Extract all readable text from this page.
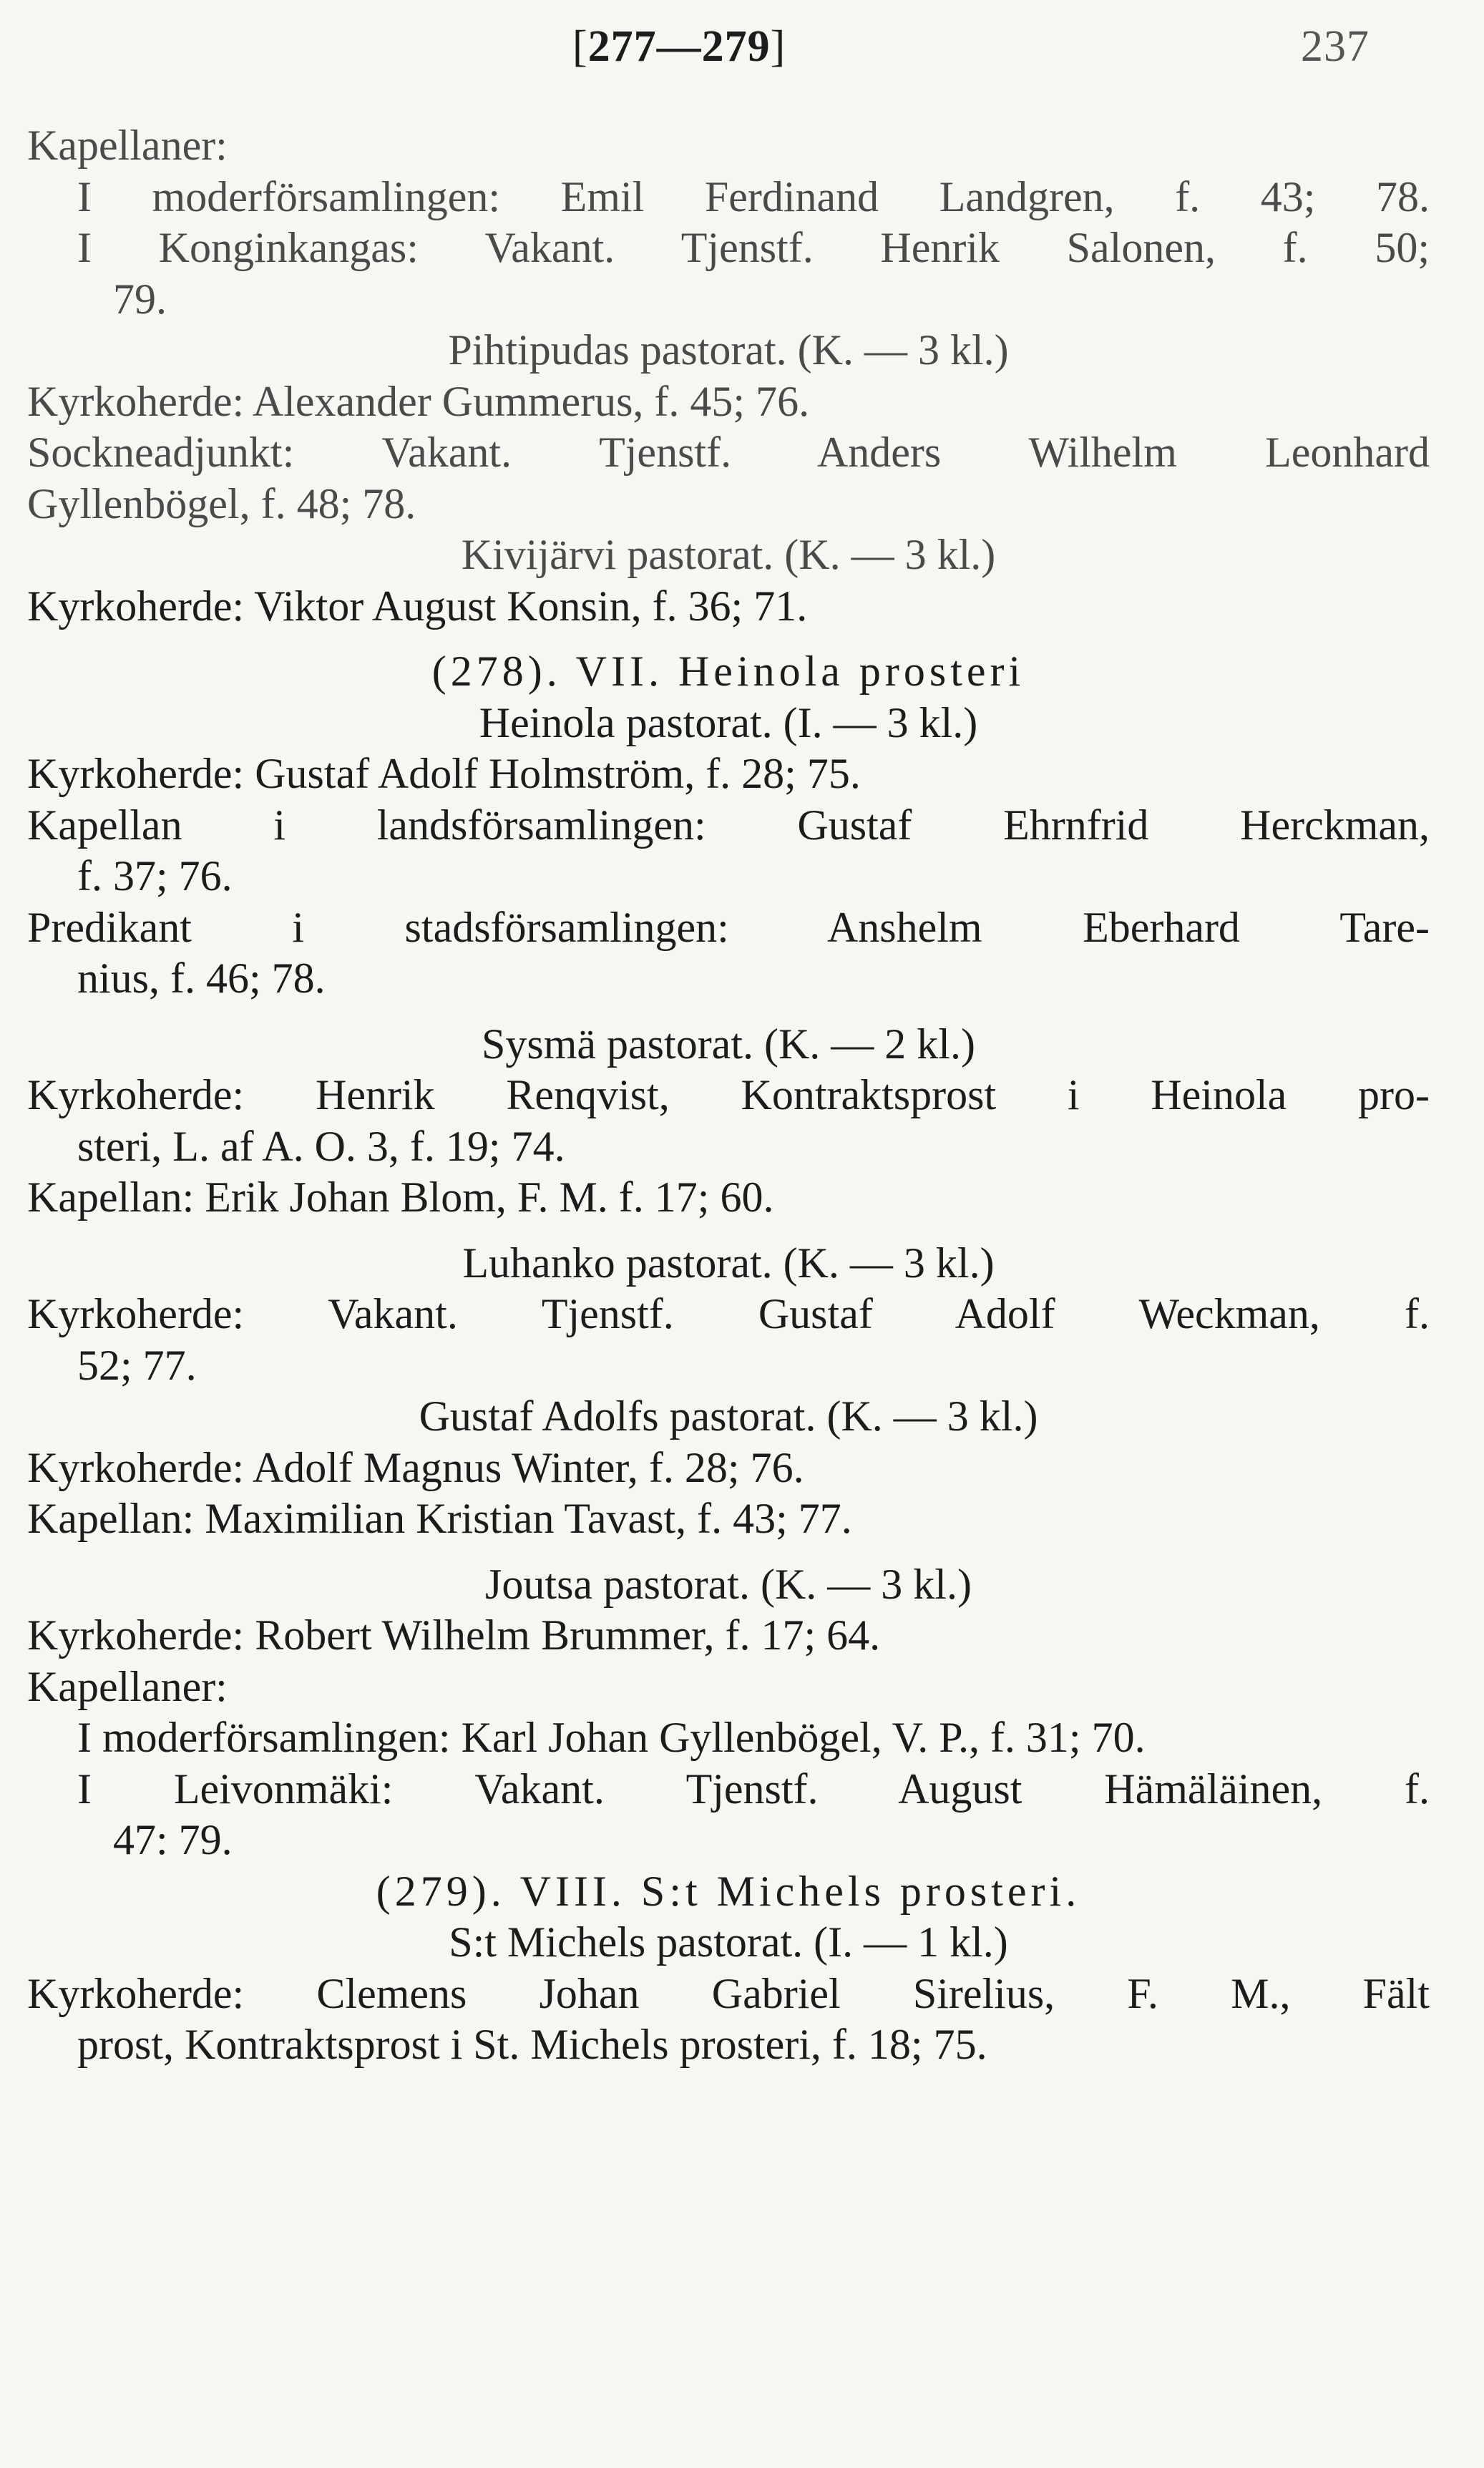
[277—279]	237
Kapellaner:
I moderförsamlingen: Emil Ferdinand Landgren, f. 43; 78.
I Konginkangas: Vakant. Tjenstf. Henrik Salonen, f. 50;
79.
Pihtipudas pastorat. (K. — 3 kl.)
Kyrkoherde: Alexander Gummerus, f. 45; 76.
Sockneadjunkt: Vakant. Tjenstf. Anders Wilhelm Leonhard
Gyllenbögel, f. 48; 78.
Kivijärvi pastorat. (K. — 3 kl.)
Kyrkoherde: Viktor August Konsin, f. 36; 71.
(278). VII. Heinola prosteri
Heinola pastorat. (I. — 3 kl.)
Kyrkoherde: Gustaf Adolf Holmström, f. 28; 75.
Kapellan i landsförsamlingen: Gustaf Ehrnfrid Herckman,
f. 37; 76.
Predikant i stadsförsamlingen: Anshelm Eberhard Tare-
nius, f. 46; 78.
Sysmä pastorat. (K. — 2 kl.)
Kyrkoherde: Henrik Renqvist, Kontraktsprost i Heinola pro-
steri, L. af A. O. 3, f. 19; 74.
Kapellan: Erik Johan Blom, F. M. f. 17; 60.
Luhanko pastorat. (K. — 3 kl.)
Kyrkoherde: Vakant. Tjenstf. Gustaf Adolf Weckman, f.
52; 77.
Gustaf Adolfs pastorat. (K. — 3 kl.)
Kyrkoherde: Adolf Magnus Winter, f. 28; 76.
Kapellan: Maximilian Kristian Tavast, f. 43; 77.
Joutsa pastorat. (K. — 3 kl.)
Kyrkoherde: Robert Wilhelm Brummer, f. 17; 64.
Kapellaner:
I moderförsamlingen: Karl Johan Gyllenbögel, V. P., f. 31; 70.
I Leivonmäki: Vakant. Tjenstf. August Hämäläinen, f.
47: 79.
(279). VIII. S:t Michels prosteri.
S:t Michels pastorat. (I. — 1 kl.)
Kyrkoherde: Clemens Johan Gabriel Sirelius, F. M., Fält
prost, Kontraktsprost i St. Michels prosteri, f. 18; 75.
